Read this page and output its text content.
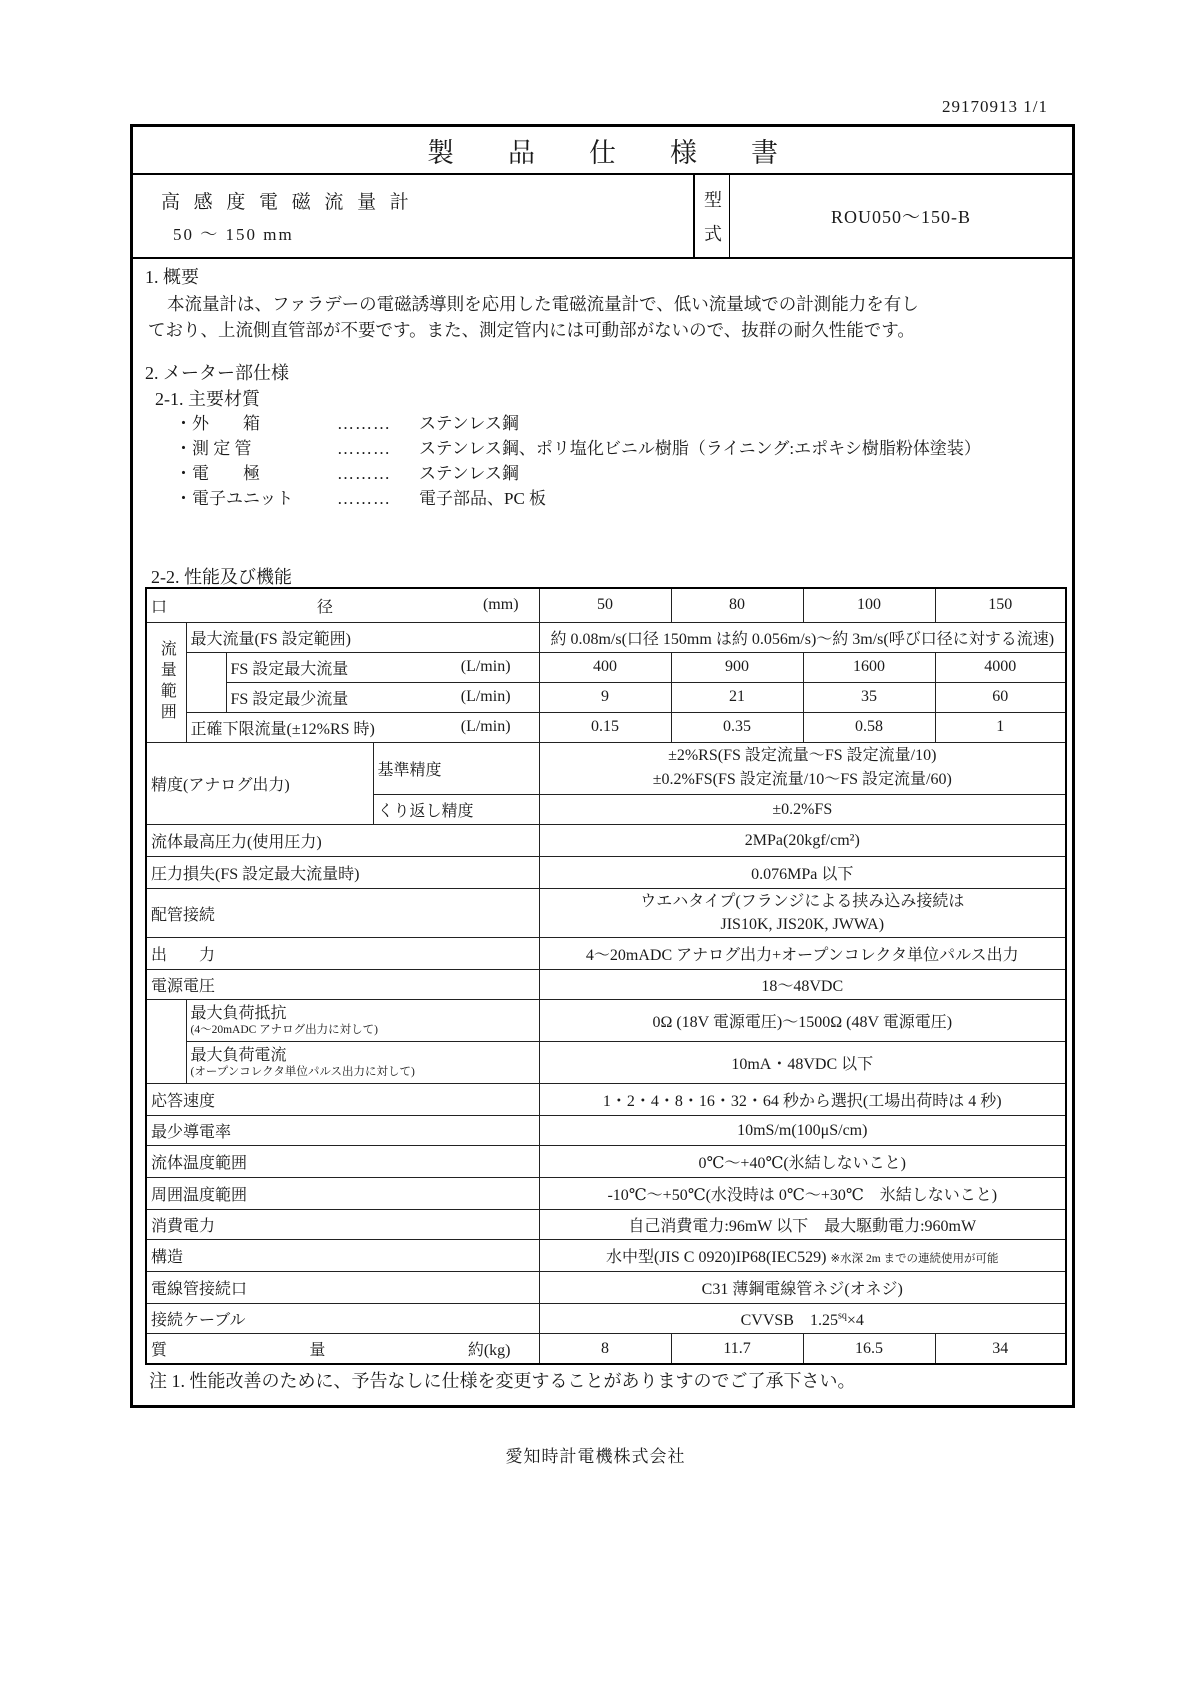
29170913 1/1
製品仕様書
高感度電磁流量計
50 ～ 150 mm	型式	ROU050～150-B
1. 概要
本流量計は、ファラデーの電磁誘導則を応用した電磁流量計で、低い流量域での計測能力を有し
ており、上流側直管部が不要です。また、測定管内には可動部がないので、抜群の耐久性能です。
2. メーター部仕様
2-1. 主要材質
・外　　箱	………	ステンレス鋼
・測 定 管	………	ステンレス鋼、ポリ塩化ビニル樹脂（ライニング:エポキシ樹脂粉体塗装）
・電　　極	………	ステンレス鋼
・電子ユニット	………	電子部品、PC 板
2-2. 性能及び機能
口 径 (mm)				50	80	100	150
流量範囲	最大流量(FS 設定範囲)			約 0.08m/s(口径 150mm は約 0.056m/s)～約 3m/s(呼び口径に対する流速)			

		FS 設定最大流量 (L/min)		400	900	1600	4000

		FS 設定最少流量 (L/min)		9	21	35	60

	正確下限流量(±12%RS 時) (L/min)			0.15	0.35	0.58	1
精度(アナログ出力)			基準精度	±2%RS(FS 設定流量～FS 設定流量/10)
±0.2%FS(FS 設定流量/10～FS 設定流量/60)			

			くり返し精度	±0.2%FS			
流体最高圧力(使用圧力)				2MPa(20kgf/cm²)			
圧力損失(FS 設定最大流量時)				0.076MPa 以下			
配管接続				ウエハタイプ(フランジによる挟み込み接続は
JIS10K, JIS20K, JWWA)			

出　　力				4～20mADC アナログ出力+オープンコレクタ単位パルス出力			
電源電圧				18～48VDC			

	最大負荷抵抗
(4～20mADC アナログ出力に対して)			0Ω (18V 電源電圧)～1500Ω (48V 電源電圧)			

	最大負荷電流
(オープンコレクタ単位パルス出力に対して)			10mA・48VDC 以下			
応答速度				1・2・4・8・16・32・64 秒から選択(工場出荷時は 4 秒)			
最少導電率				10mS/m(100μS/cm)			
流体温度範囲				0℃～+40℃(氷結しないこと)			
周囲温度範囲				-10℃～+50℃(水没時は 0℃～+30℃　氷結しないこと)			
消費電力				自己消費電力:96mW 以下　最大駆動電力:960mW			
構造				水中型(JIS C 0920)IP68(IEC529) ※水深 2m までの連続使用が可能			
電線管接続口				C31 薄鋼電線管ネジ(オネジ)			
接続ケーブル				CVVSB　$1.25^{sq}\times 4$			

質 量 約(kg)				8	11.7	16.5	34
注 1. 性能改善のために、予告なしに仕様を変更することがありますのでご了承下さい。
愛知時計電機株式会社
